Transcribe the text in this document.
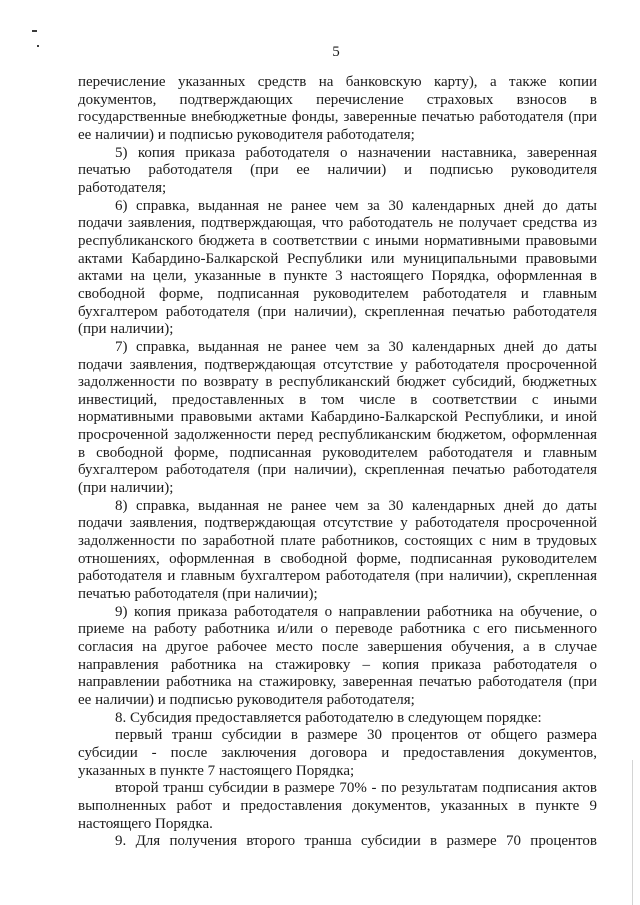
5
перечисление указанных средств на банковскую карту), а также копии
документов, подтверждающих перечисление страховых взносов в
государственные внебюджетные фонды, заверенные печатью работодателя (при
ее наличии) и подписью руководителя работодателя;
5) копия приказа работодателя о назначении наставника, заверенная
печатью работодателя (при ее наличии) и подписью руководителя
работодателя;
6) справка, выданная не ранее чем за 30 календарных дней до даты
подачи заявления, подтверждающая, что работодатель не получает средства из
республиканского бюджета в соответствии с иными нормативными правовыми
актами Кабардино-Балкарской Республики или муниципальными правовыми
актами на цели, указанные в пункте 3 настоящего Порядка, оформленная в
свободной форме, подписанная руководителем работодателя и главным
бухгалтером работодателя (при наличии), скрепленная печатью работодателя
(при наличии);
7) справка, выданная не ранее чем за 30 календарных дней до даты
подачи заявления, подтверждающая отсутствие у работодателя просроченной
задолженности по возврату в республиканский бюджет субсидий, бюджетных
инвестиций, предоставленных в том числе в соответствии с иными
нормативными правовыми актами Кабардино-Балкарской Республики, и иной
просроченной задолженности перед республиканским бюджетом, оформленная
в свободной форме, подписанная руководителем работодателя и главным
бухгалтером работодателя (при наличии), скрепленная печатью работодателя
(при наличии);
8) справка, выданная не ранее чем за 30 календарных дней до даты
подачи заявления, подтверждающая отсутствие у работодателя просроченной
задолженности по заработной плате работников, состоящих с ним в трудовых
отношениях, оформленная в свободной форме, подписанная руководителем
работодателя и главным бухгалтером работодателя (при наличии), скрепленная
печатью работодателя (при наличии);
9) копия приказа работодателя о направлении работника на обучение, о
приеме на работу работника и/или о переводе работника с его письменного
согласия на другое рабочее место после завершения обучения, а в случае
направления работника на стажировку – копия приказа работодателя о
направлении работника на стажировку, заверенная печатью работодателя (при
ее наличии) и подписью руководителя работодателя;
8. Субсидия предоставляется работодателю в следующем порядке:
первый транш субсидии в размере 30 процентов от общего размера
субсидии - после заключения договора и предоставления документов,
указанных в пункте 7 настоящего Порядка;
второй транш субсидии в размере 70% - по результатам подписания актов
выполненных работ и предоставления документов, указанных в пункте 9
настоящего Порядка.
9. Для получения второго транша субсидии в размере 70 процентов
